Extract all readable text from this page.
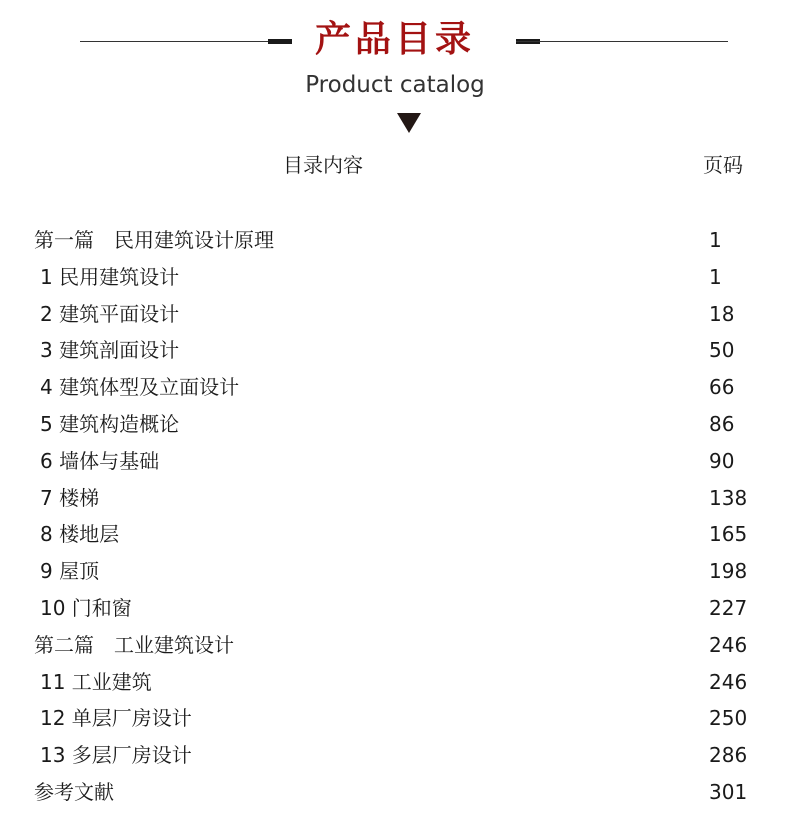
产品目录
Product catalog
目录内容	页码
第一篇　民用建筑设计原理	1
1 民用建筑设计	1
2 建筑平面设计	18
3 建筑剖面设计	50
4 建筑体型及立面设计	66
5 建筑构造概论	86
6 墙体与基础	90
7 楼梯	138
8 楼地层	165
9 屋顶	198
10 门和窗	227
第二篇　工业建筑设计	246
11 工业建筑	246
12 单层厂房设计	250
13 多层厂房设计	286
参考文献	301
